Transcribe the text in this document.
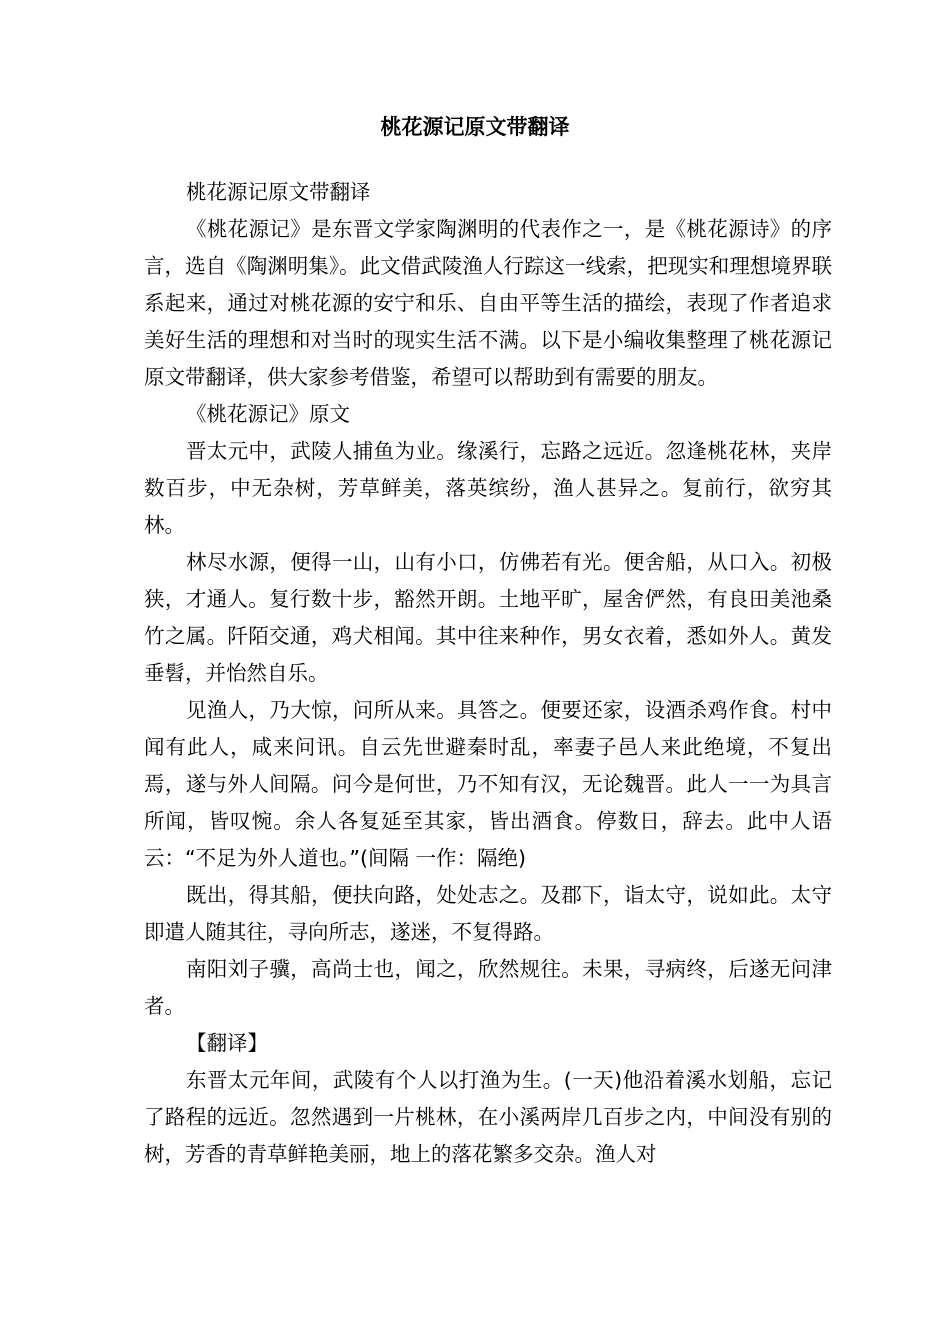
桃花源记原文带翻译

桃花源记原文带翻译

《桃花源记》是东晋文学家陶渊明的代表作之一，是《桃花源诗》的序言，选自《陶渊明集》。此文借武陵渔人行踪这一线索，把现实和理想境界联系起来，通过对桃花源的安宁和乐、自由平等生活的描绘，表现了作者追求美好生活的理想和对当时的现实生活不满。以下是小编收集整理了桃花源记原文带翻译，供大家参考借鉴，希望可以帮助到有需要的朋友。

《桃花源记》原文

晋太元中，武陵人捕鱼为业。缘溪行，忘路之远近。忽逢桃花林，夹岸数百步，中无杂树，芳草鲜美，落英缤纷，渔人甚异之。复前行，欲穷其林。

林尽水源，便得一山，山有小口，仿佛若有光。便舍船，从口入。初极狭，才通人。复行数十步，豁然开朗。土地平旷，屋舍俨然，有良田美池桑竹之属。阡陌交通，鸡犬相闻。其中往来种作，男女衣着，悉如外人。黄发垂髫，并怡然自乐。

见渔人，乃大惊，问所从来。具答之。便要还家，设酒杀鸡作食。村中闻有此人，咸来问讯。自云先世避秦时乱，率妻子邑人来此绝境，不复出焉，遂与外人间隔。问今是何世，乃不知有汉，无论魏晋。此人一一为具言所闻，皆叹惋。余人各复延至其家，皆出酒食。停数日，辞去。此中人语云：“不足为外人道也。”(间隔 一作：隔绝)

既出，得其船，便扶向路，处处志之。及郡下，诣太守，说如此。太守即遣人随其往，寻向所志，遂迷，不复得路。

南阳刘子骥，高尚士也，闻之，欣然规往。未果，寻病终，后遂无问津者。

【翻译】

东晋太元年间，武陵有个人以打渔为生。(一天)他沿着溪水划船，忘记了路程的远近。忽然遇到一片桃林，在小溪两岸几百步之内，中间没有别的树，芳香的青草鲜艳美丽，地上的落花繁多交杂。渔人对
